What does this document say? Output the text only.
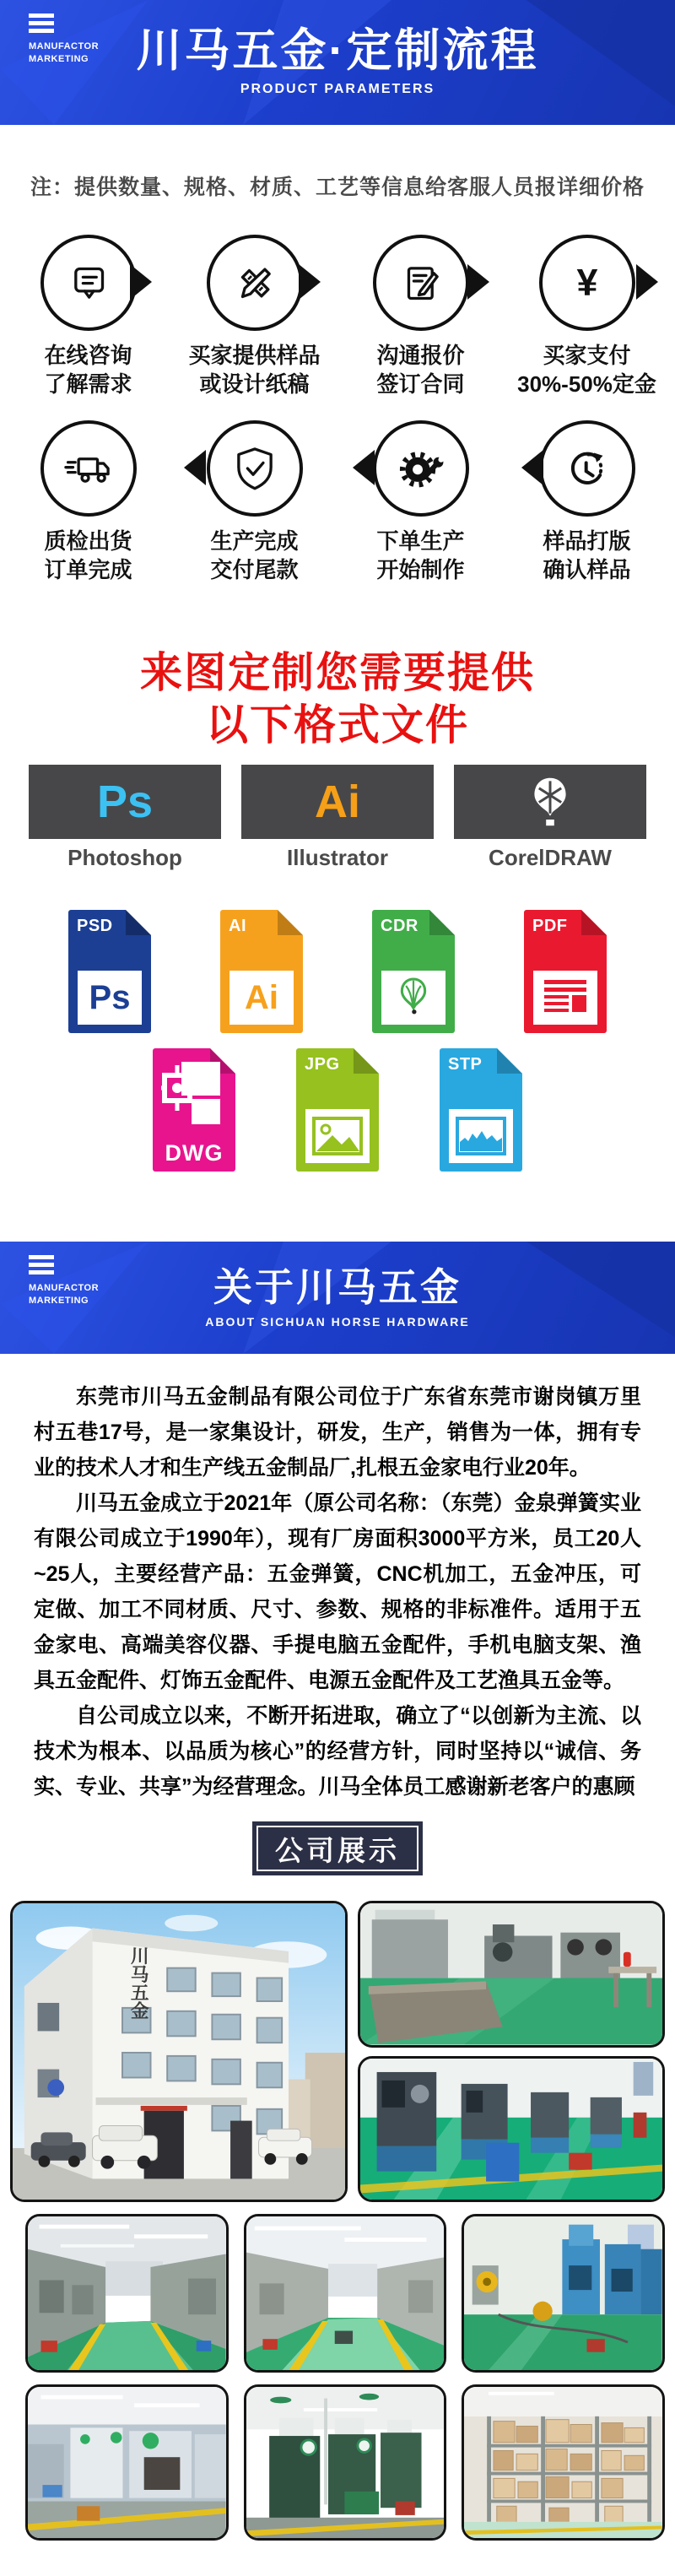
MANUFACTOR
MARKETING 川马五金·定制流程
PRODUCT PARAMETERS
注：提供数量、规格、材质、工艺等信息给客服人员报详细价格
在线咨询
了解需求
买家提供样品
或设计纸稿
沟通报价
签订合同
¥
买家支付
30%-50%定金
质检出货
订单完成
生产完成
交付尾款
下单生产
开始制作
样品打版
确认样品
来图定制您需要提供
以下格式文件
Ps
Photoshop
Ai
Illustrator	CorelDRAW
PSD
Ps
AI
Ai
CDR	PDF
DWG
JPG	STP
MANUFACTOR
MARKETING	关于川马五金
ABOUT SICHUAN HORSE HARDWARE

东莞市川马五金制品有限公司位于广东省东莞市谢岗镇万里村五巷17号，是一家集设计，研发，生产，销售为一体，拥有专业的技术人才和生产线五金制品厂,扎根五金家电行业20年。

川马五金成立于2021年（原公司名称：（东莞）金泉弹簧实业有限公司成立于1990年），现有厂房面积3000平方米，员工20人~25人，主要经营产品：五金弹簧，CNC机加工，五金冲压，可定做、加工不同材质、尺寸、参数、规格的非标准件。适用于五金家电、高端美容仪器、手提电脑五金配件，手机电脑支架、渔具五金配件、灯饰五金配件、电源五金配件及工艺渔具五金等。

自公司成立以来，不断开拓进取，确立了“以创新为主流、以技术为根本、以品质为核心”的经营方针，同时坚持以“诚信、务实、专业、共享”为经营理念。川马全体员工感谢新老客户的惠顾

公司展示
川马五金
